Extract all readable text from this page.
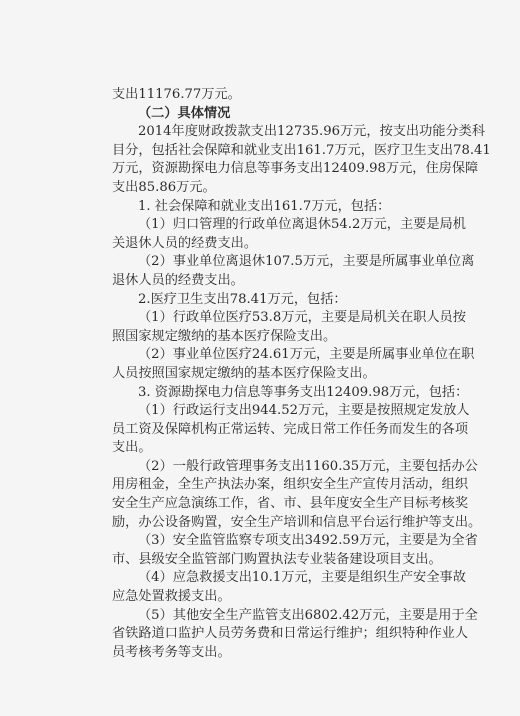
支出11176.77万元。
（二）具体情况
2014年度财政拨款支出12735.96万元，按支出功能分类科
目分，包括社会保障和就业支出161.7万元，医疗卫生支出78.41
万元，资源勘探电力信息等事务支出12409.98万元，住房保障
支出85.86万元。
1. 社会保障和就业支出161.7万元，包括：
（1）归口管理的行政单位离退休54.2万元，主要是局机
关退休人员的经费支出。
（2）事业单位离退休107.5万元，主要是所属事业单位离
退休人员的经费支出。
2.医疗卫生支出78.41万元，包括：
（1）行政单位医疗53.8万元，主要是局机关在职人员按
照国家规定缴纳的基本医疗保险支出。
（2）事业单位医疗24.61万元，主要是所属事业单位在职
人员按照国家规定缴纳的基本医疗保险支出。
3. 资源勘探电力信息等事务支出12409.98万元，包括：
（1）行政运行支出944.52万元，主要是按照规定发放人
员工资及保障机构正常运转、完成日常工作任务而发生的各项
支出。
（2）一般行政管理事务支出1160.35万元，主要包括办公
用房租金，全生产执法办案，组织安全生产宣传月活动，组织
安全生产应急演练工作，省、市、县年度安全生产目标考核奖
励，办公设备购置，安全生产培训和信息平台运行维护等支出。
（3）安全监管监察专项支出3492.59万元，主要是为全省
市、县级安全监管部门购置执法专业装备建设项目支出。
（4）应急救援支出10.1万元，主要是组织生产安全事故
应急处置救援支出。
（5）其他安全生产监管支出6802.42万元，主要是用于全
省铁路道口监护人员劳务费和日常运行维护；组织特种作业人
员考核考务等支出。
